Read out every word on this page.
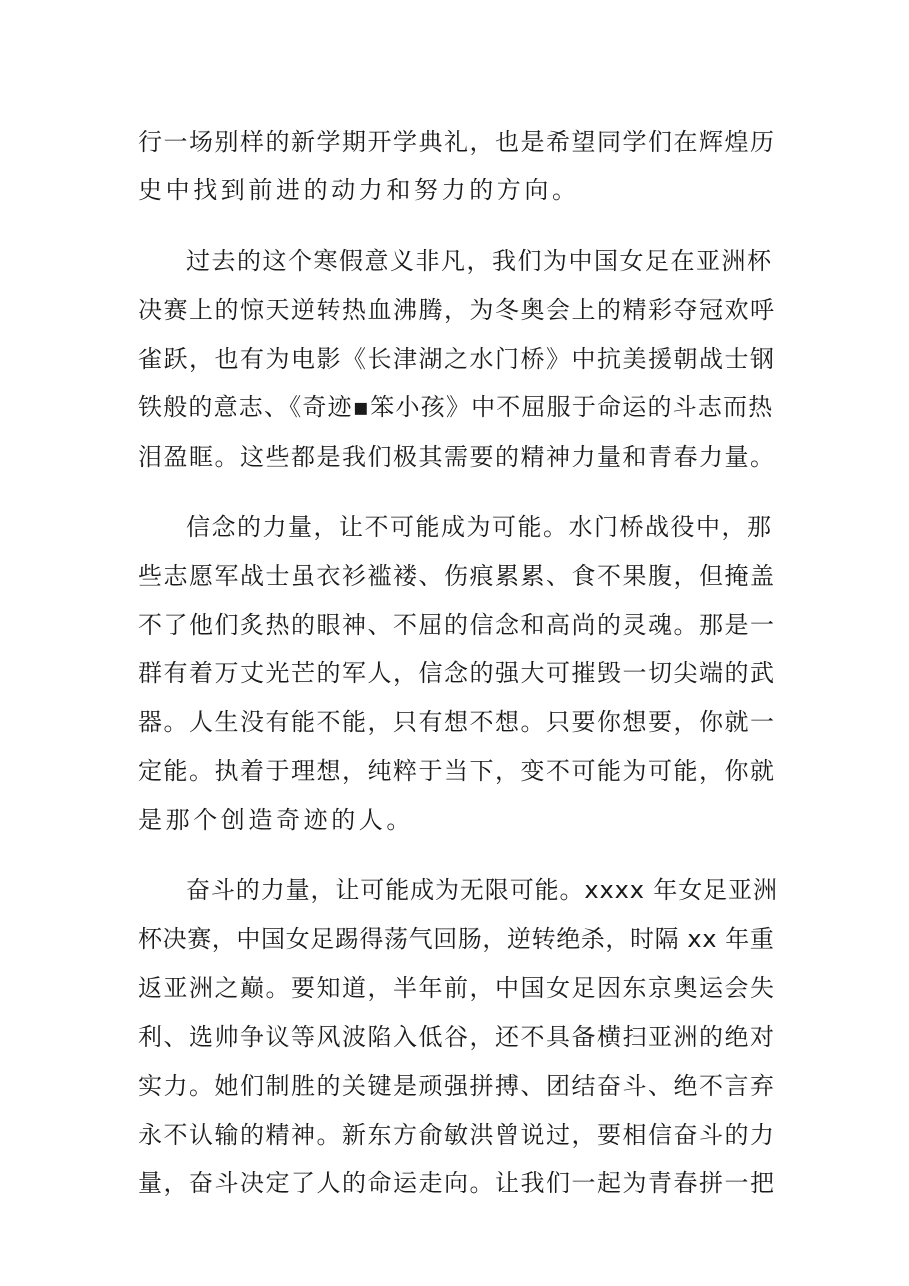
行一场别样的新学期开学典礼，也是希望同学们在辉煌历
史中找到前进的动力和努力的方向。
过去的这个寒假意义非凡，我们为中国女足在亚洲杯
决赛上的惊天逆转热血沸腾，为冬奥会上的精彩夺冠欢呼
雀跃，也有为电影《长津湖之水门桥》中抗美援朝战士钢
铁般的意志、《奇迹▪笨小孩》中不屈服于命运的斗志而热
泪盈眶。这些都是我们极其需要的精神力量和青春力量。
信念的力量，让不可能成为可能。水门桥战役中，那
些志愿军战士虽衣衫褴褛、伤痕累累、食不果腹，但掩盖
不了他们炙热的眼神、不屈的信念和高尚的灵魂。那是一
群有着万丈光芒的军人，信念的强大可摧毁一切尖端的武
器。人生没有能不能，只有想不想。只要你想要，你就一
定能。执着于理想，纯粹于当下，变不可能为可能，你就
是那个创造奇迹的人。
奋斗的力量，让可能成为无限可能。xxxx 年女足亚洲
杯决赛，中国女足踢得荡气回肠，逆转绝杀，时隔 xx 年重
返亚洲之巅。要知道，半年前，中国女足因东京奥运会失
利、选帅争议等风波陷入低谷，还不具备横扫亚洲的绝对
实力。她们制胜的关键是顽强拼搏、团结奋斗、绝不言弃
永不认输的精神。新东方俞敏洪曾说过，要相信奋斗的力
量，奋斗决定了人的命运走向。让我们一起为青春拼一把
